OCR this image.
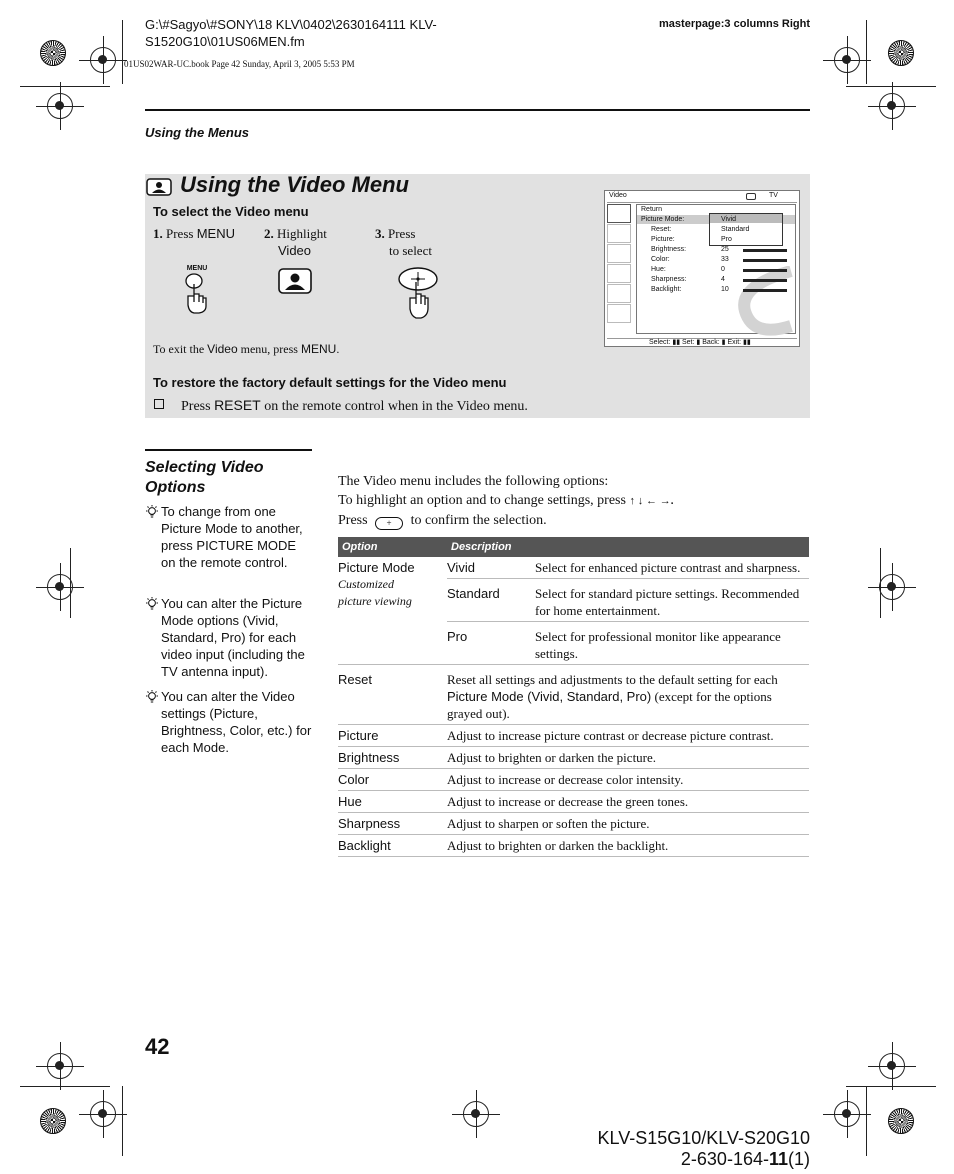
G:\#Sagyo\#SONY\18 KLV\0402\2630164111 KLV-
S1520G10\01US06MEN.fm
masterpage:3 columns Right
01US02WAR-UC.book Page 42 Sunday, April 3, 2005 5:53 PM
Using the Menus
Using the Video Menu
To select the Video menu
1. Press MENU
MENU
2. Highlight
Video
3. Press
to select
To exit the Video menu, press MENU.
To restore the factory default settings for the Video menu
Press RESET on the remote control when in the Video menu.
Video	TV
Return
Picture Mode:	Vivid
Reset:	Standard
Picture:	Pro
Brightness:	25
Color:	33
Hue:	0
Sharpness:	4
Backlight:	10
Select: ▮▮ Set: ▮ Back: ▮ Exit: ▮▮
Selecting Video
Options
To change from one Picture Mode to another, press PICTURE MODE on the remote control.
You can alter the Picture Mode options (Vivid, Standard, Pro) for each video input (including the TV antenna input).
You can alter the Video settings (Picture, Brightness, Color, etc.) for each Mode.
The Video menu includes the following options:
To highlight an option and to change settings, press ↑ ↓ ← →.
Press + to confirm the selection.
Option	Description	

Picture Mode
Customized
picture viewing	Vivid	Select for enhanced picture contrast and sharpness.
	Standard	Select for standard picture settings. Recommended for home entertainment.
	Pro	Select for professional monitor like appearance settings.
Reset	Reset all settings and adjustments to the default setting for each Picture Mode (Vivid, Standard, Pro) (except for the options grayed out).	
Picture	Adjust to increase picture contrast or decrease picture contrast.	
Brightness	Adjust to brighten or darken the picture.	
Color	Adjust to increase or decrease color intensity.	
Hue	Adjust to increase or decrease the green tones.	
Sharpness	Adjust to sharpen or soften the picture.	
Backlight	Adjust to brighten or darken the backlight.	
42
KLV-S15G10/KLV-S20G10
2-630-164-11(1)
